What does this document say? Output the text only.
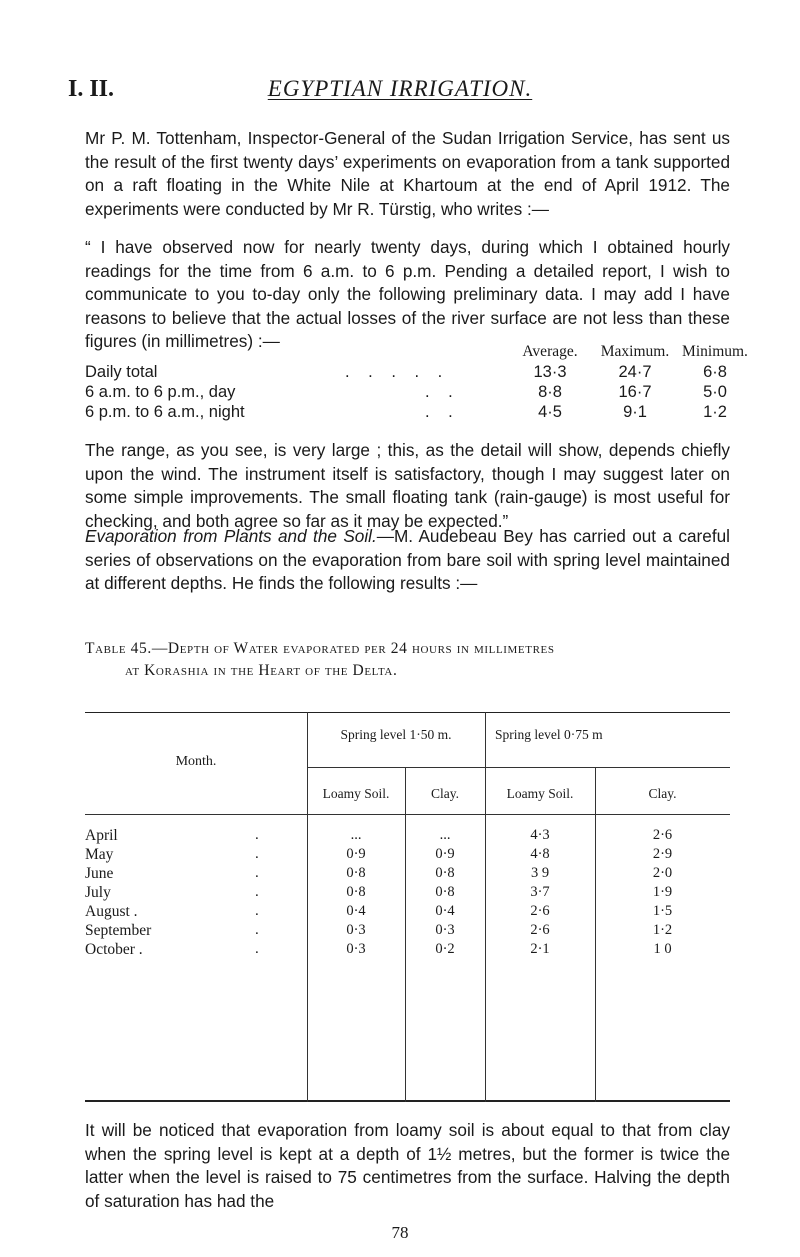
I. II.	EGYPTIAN IRRIGATION.
Mr P. M. Tottenham, Inspector-General of the Sudan Irrigation Service, has sent us the result of the first twenty days’ experiments on evaporation from a tank supported on a raft floating in the White Nile at Khartoum at the end of April 1912. The experiments were conducted by Mr R. Türstig, who writes :—
“ I have observed now for nearly twenty days, during which I obtained hourly readings for the time from 6 a.m. to 6 p.m. Pending a detailed report, I wish to communicate to you to-day only the following preliminary data. I may add I have reasons to believe that the actual losses of the river surface are not less than these figures (in millimetres) :—
Average.	Maximum. Minimum.
Daily total	. . . . .	13·3	24·7	6·8
6 a.m. to 6 p.m., day	. .	8·8	16·7	5·0
6 p.m. to 6 a.m., night	. .	4·5	9·1	1·2
The range, as you see, is very large ; this, as the detail will show, depends chiefly upon the wind. The instrument itself is satisfactory, though I may suggest later on some simple improvements. The small floating tank (rain-gauge) is most useful for checking, and both agree so far as it may be expected.”
Evaporation from Plants and the Soil.—M. Audebeau Bey has carried out a careful series of observations on the evaporation from bare soil with spring level maintained at different depths. He finds the following results :—
Table 45.—Depth of Water evaporated per 24 hours in millimetres
at Korashia in the Heart of the Delta.
Month.
Spring level 1·50 m.	Spring level 0·75 m
Loamy Soil.	Clay.	Loamy Soil.	Clay.
April	.	...	...	4·3	2·6
May	.	0·9	0·9	4·8	2·9
June	.	0·8	0·8	3 9	2·0
July	.	0·8	0·8	3·7	1·9
August .	.	0·4	0·4	2·6	1·5
September	.	0·3	0·3	2·6	1·2
October .	.	0·3	0·2	2·1	1 0
It will be noticed that evaporation from loamy soil is about equal to that from clay when the spring level is kept at a depth of 1½ metres, but the former is twice the latter when the level is raised to 75 centimetres from the surface. Halving the depth of saturation has had the
78
